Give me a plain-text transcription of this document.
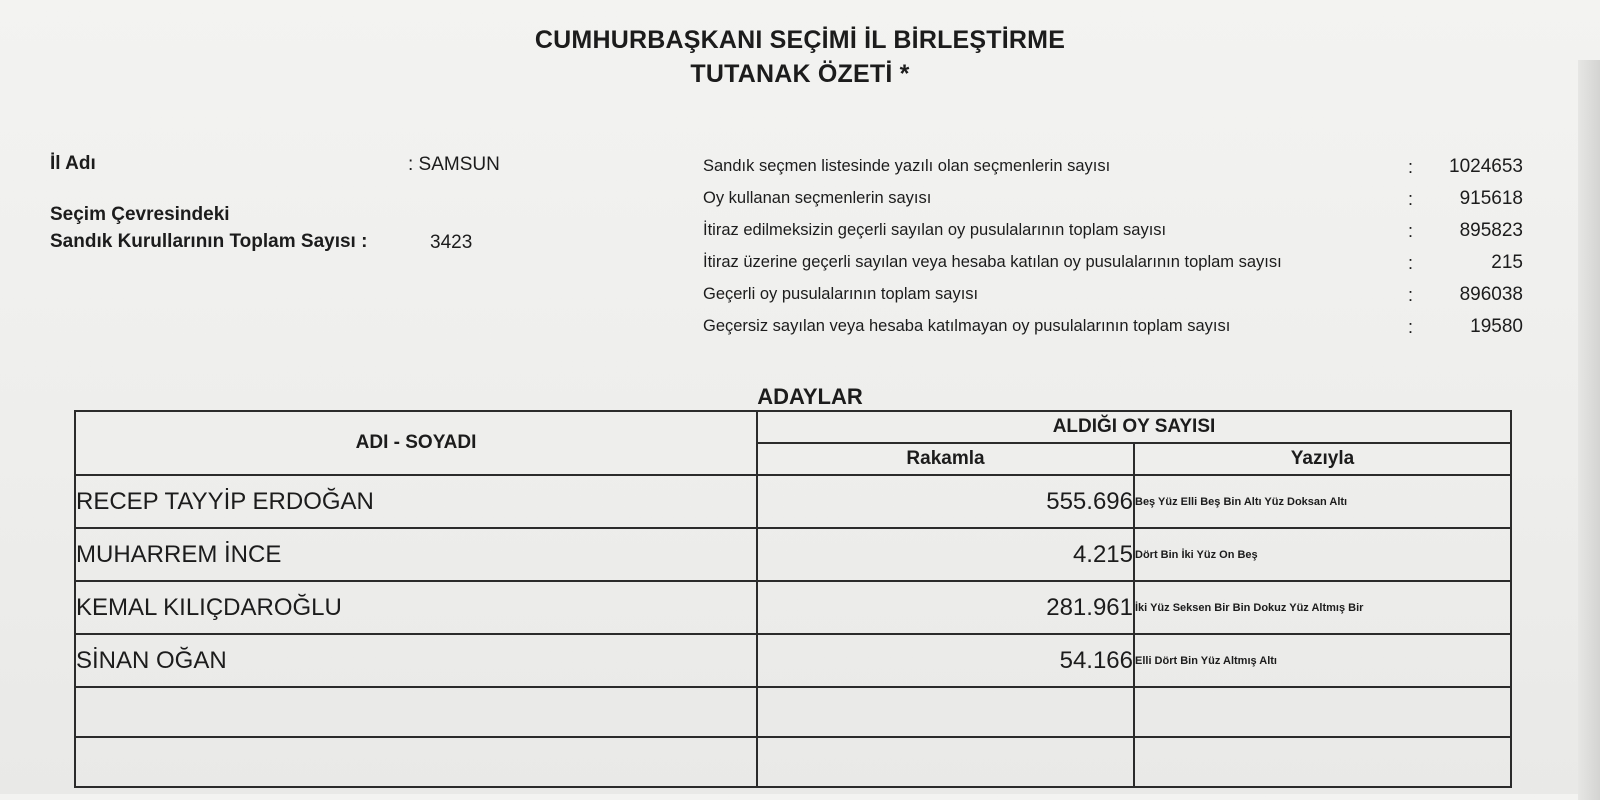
CUMHURBAŞKANI SEÇİMİ İL BİRLEŞTİRME
TUTANAK ÖZETİ *
İl Adı	: SAMSUN
Seçim Çevresindeki
Sandık Kurullarının Toplam Sayısı :	3423
Sandık seçmen listesinde yazılı olan seçmenlerin sayısı	: 1024653
Oy kullanan seçmenlerin sayısı	: 915618
İtiraz edilmeksizin geçerli sayılan oy pusulalarının toplam sayısı	: 895823
İtiraz üzerine geçerli sayılan veya hesaba katılan oy pusulalarının toplam sayısı	:	215
Geçerli oy pusulalarının toplam sayısı	: 896038
Geçersiz sayılan veya hesaba katılmayan oy pusulalarının toplam sayısı	:	19580
ADAYLAR
ADI - SOYADI	ALDIĞI OY SAYISI	
	Rakamla	Yazıyla
RECEP TAYYİP ERDOĞAN	555.696	Beş Yüz Elli Beş Bin Altı Yüz Doksan Altı
MUHARREM İNCE	4.215	Dört Bin İki Yüz On Beş
KEMAL KILIÇDAROĞLU	281.961	İki Yüz Seksen Bir Bin Dokuz Yüz Altmış Bir
SİNAN OĞAN	54.166	Elli Dört Bin Yüz Altmış Altı
